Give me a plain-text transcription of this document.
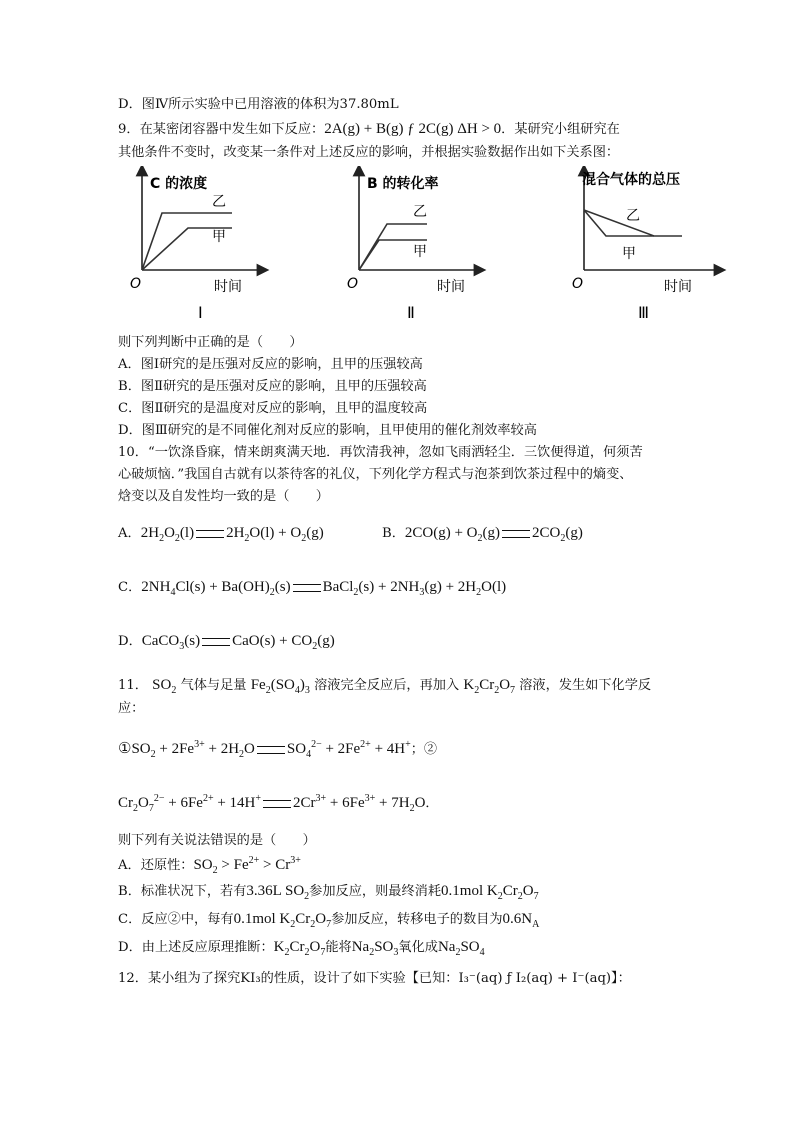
D．图Ⅳ所示实验中已用溶液的体积为37.80mL
9．在某密闭容器中发生如下反应：2A(g) + B(g) ƒ 2C(g) ΔH > 0．某研究小组研究在
其他条件不变时，改变某一条件对上述反应的影响，并根据实验数据作出如下关系图：
C 的浓度
乙
甲
O	时间
Ⅰ
B 的转化率
乙
甲
O	时间
Ⅱ
混合气体的总压
乙
甲
O	时间
Ⅲ
则下列判断中正确的是（　　）
A．图Ⅰ研究的是压强对反应的影响，且甲的压强较高
B．图Ⅱ研究的是压强对反应的影响，且甲的压强较高
C．图Ⅱ研究的是温度对反应的影响，且甲的温度较高
D．图Ⅲ研究的是不同催化剂对反应的影响，且甲使用的催化剂效率较高
10．“一饮涤昏寐，情来朗爽满天地．再饮清我神，忽如飞雨洒轻尘．三饮便得道，何须苦
心破烦恼．”我国自古就有以茶待客的礼仪，下列化学方程式与泡茶到饮茶过程中的熵变、
焓变以及自发性均一致的是（　　）
A．$2H_2O_2(l) 2H_2O(l) + O_2(g)$	B．$2CO(g) + O_2(g)$ $2CO_2(g)$
C．$2NH_4Cl(s) + Ba(OH)_2(s)$ BaCl$_2$(s) + $2NH_3(g) + 2H_2O(l)$
D．CaCO$_3$(s) $CaO(s) + CO_2(g)$
11． $SO_2$ 气体与足量 $Fe_2(SO_4)_3$ 溶液完全反应后，再加入 $K_2Cr_2O_7$ 溶液，发生如下化学反
应：
$①SO_2 + 2Fe^{3+} + 2H_2O$ $SO_4^{2-} + 2Fe^{2+} + 4H^+$；②
$Cr_2O_7^{2-} + 6Fe^{2+} + 14H^+$ $2Cr^{3+} + 6Fe^{3+} + 7H_2O$．
则下列有关说法错误的是（　　）
A．还原性：$SO_2 > Fe^{2+} > Cr^{3+}$
B．标准状况下，若有3.36L $SO_2$参加反应，则最终消耗0.1mol $K_2Cr_2O_7$
C．反应②中，每有0.1mol $K_2Cr_2O_7$参加反应，转移电子的数目为$0.6N_A$
D．由上述反应原理推断：$K_2Cr_2O_7$能将$Na_2SO_3$氧化成$Na_2SO_4$
12．某小组为了探究KI₃的性质，设计了如下实验【已知：I₃⁻(aq) ƒ I₂(aq) + I⁻(aq)】：
